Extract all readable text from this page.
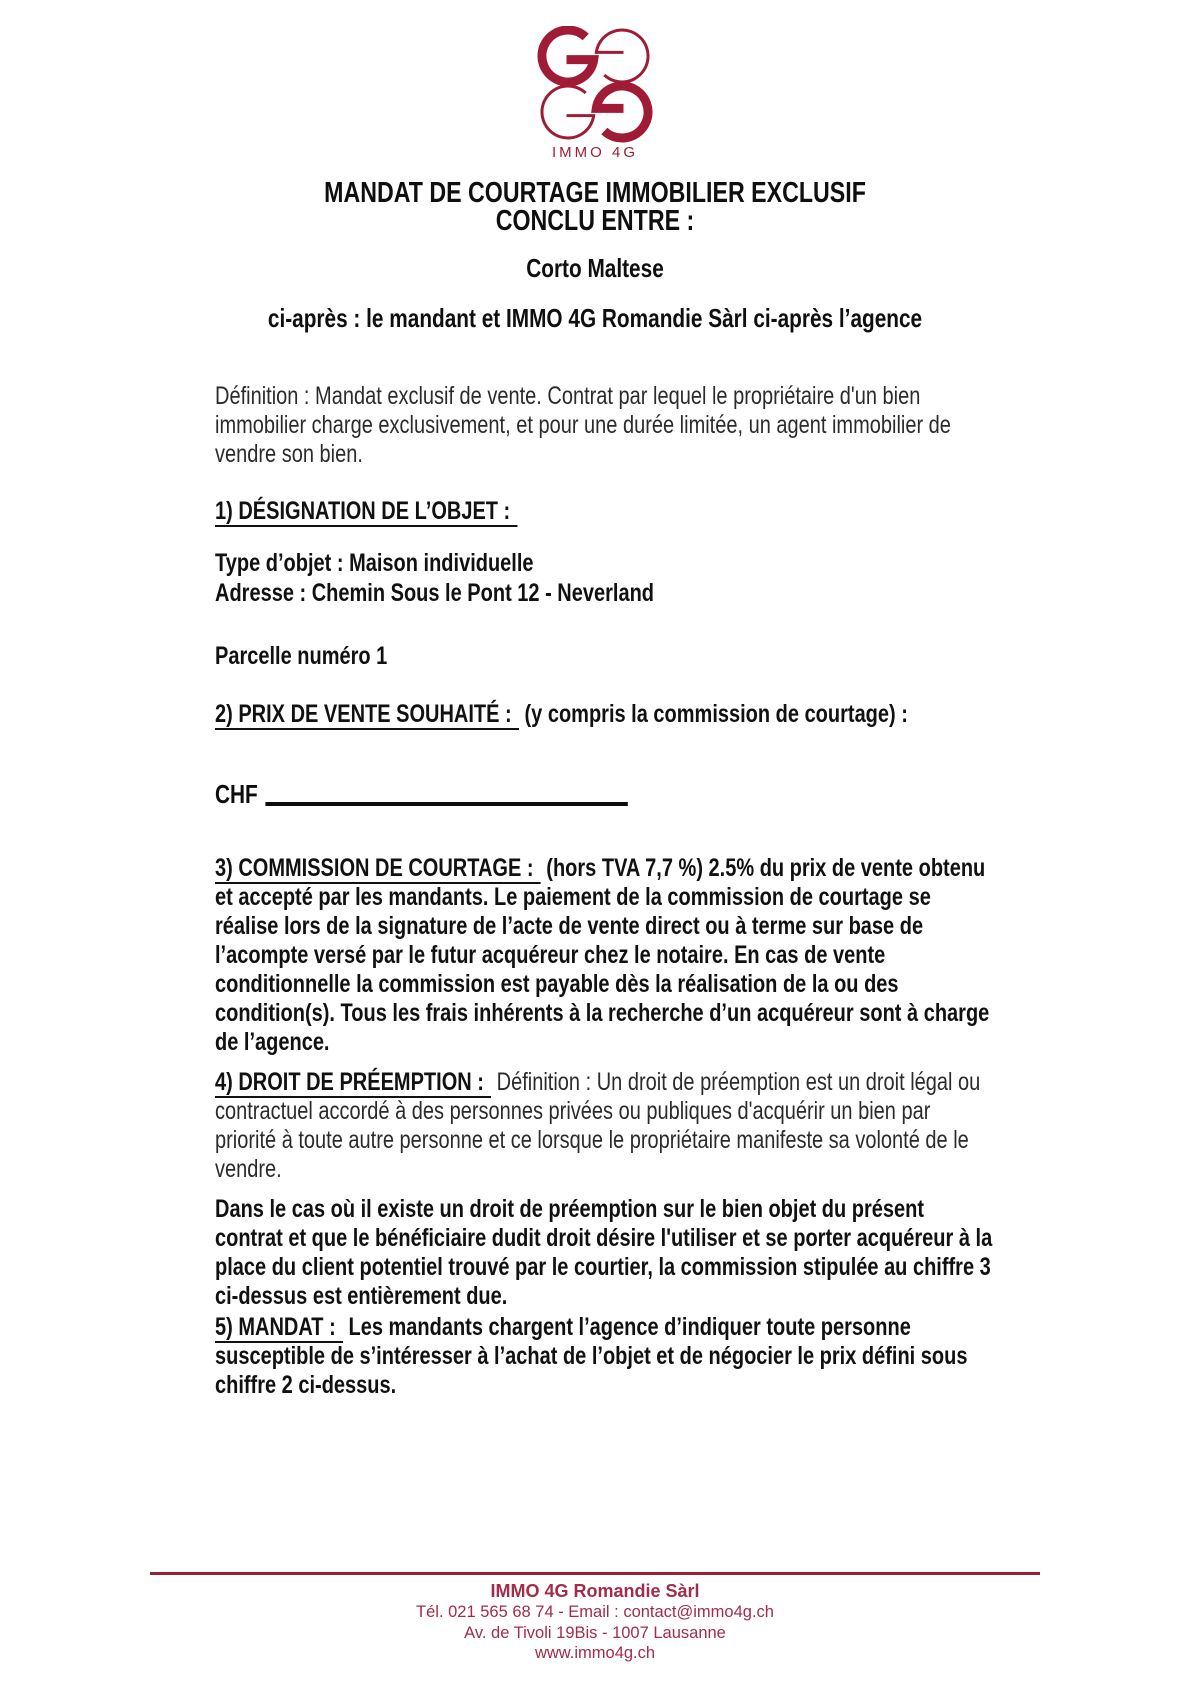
IMMO 4G

MANDAT DE COURTAGE IMMOBILIER EXCLUSIF

CONCLU ENTRE :

Corto Maltese
ci-après : le mandant et IMMO 4G Romandie Sàrl ci-après l’agence
Définition : Mandat exclusif de vente. Contrat par lequel le propriétaire d'un bien immobilier charge exclusivement, et pour une durée limitée, un agent immobilier de vendre son bien.
1) DÉSIGNATION DE L’OBJET :

Type d’objet : Maison individuelle

Adresse : Chemin Sous le Pont 12 - Neverland

Parcelle numéro 1
2) PRIX DE VENTE SOUHAITÉ : (y compris la commission de courtage) :
CHF
3) COMMISSION DE COURTAGE : (hors TVA 7,7 %) 2.5% du prix de vente obtenu et accepté par les mandants. Le paiement de la commission de courtage se réalise lors de la signature de l’acte de vente direct ou à terme sur base de l’acompte versé par le futur acquéreur chez le notaire. En cas de vente conditionnelle la commission est payable dès la réalisation de la ou des condition(s). Tous les frais inhérents à la recherche d’un acquéreur sont à charge de l’agence.
4) DROIT DE PRÉEMPTION : Définition : Un droit de préemption est un droit légal ou contractuel accordé à des personnes privées ou publiques d'acquérir un bien par priorité à toute autre personne et ce lorsque le propriétaire manifeste sa volonté de le vendre.
Dans le cas où il existe un droit de préemption sur le bien objet du présent contrat et que le bénéficiaire dudit droit désire l'utiliser et se porter acquéreur à la place du client potentiel trouvé par le courtier, la commission stipulée au chiffre 3 ci-dessus est entièrement due.
5) MANDAT : Les mandants chargent l’agence d’indiquer toute personne susceptible de s’intéresser à l’achat de l’objet et de négocier le prix défini sous chiffre 2 ci-dessus.
IMMO 4G Romandie Sàrl
Tél. 021 565 68 74 - Email : contact@immo4g.ch
Av. de Tivoli 19Bis - 1007 Lausanne
www.immo4g.ch
